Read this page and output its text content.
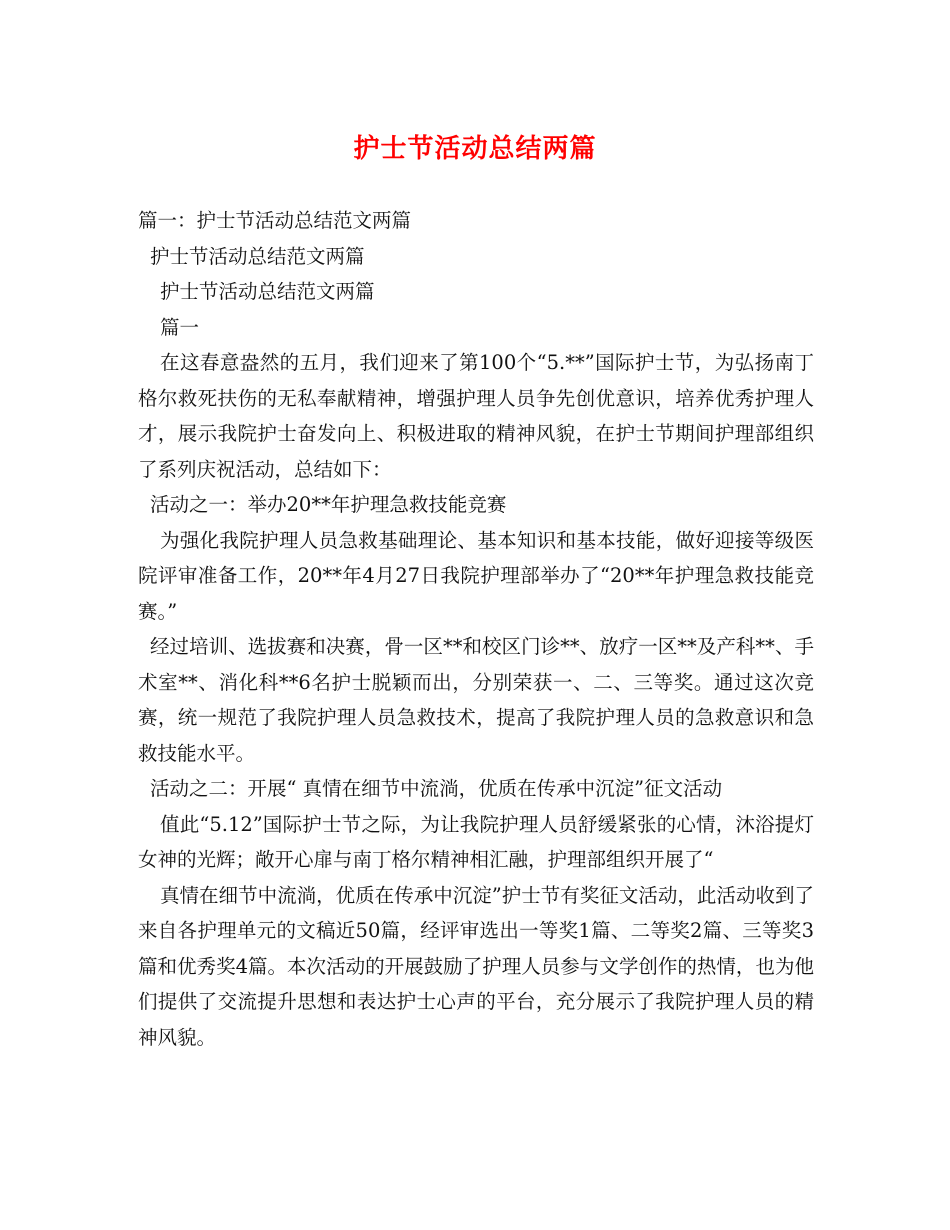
护士节活动总结两篇

篇一：护士节活动总结范文两篇

护士节活动总结范文两篇

护士节活动总结范文两篇

篇一

在这春意盎然的五月，我们迎来了第100个“5.**”国际护士节，为弘扬南丁格尔救死扶伤的无私奉献精神，增强护理人员争先创优意识，培养优秀护理人才，展示我院护士奋发向上、积极进取的精神风貌，在护士节期间护理部组织了系列庆祝活动，总结如下：

活动之一：举办20**年护理急救技能竞赛

为强化我院护理人员急救基础理论、基本知识和基本技能，做好迎接等级医院评审准备工作，20**年4月27日我院护理部举办了“20**年护理急救技能竞赛。”

经过培训、选拔赛和决赛，骨一区**和校区门诊**、放疗一区**及产科**、手术室**、消化科**6名护士脱颖而出，分别荣获一、二、三等奖。通过这次竞赛，统一规范了我院护理人员急救技术，提高了我院护理人员的急救意识和急救技能水平。

活动之二：开展“ 真情在细节中流淌，优质在传承中沉淀”征文活动

值此“5.12”国际护士节之际，为让我院护理人员舒缓紧张的心情，沐浴提灯女神的光辉；敞开心扉与南丁格尔精神相汇融，护理部组织开展了“

真情在细节中流淌，优质在传承中沉淀”护士节有奖征文活动，此活动收到了来自各护理单元的文稿近50篇，经评审选出一等奖1篇、二等奖2篇、三等奖3篇和优秀奖4篇。本次活动的开展鼓励了护理人员参与文学创作的热情，也为他们提供了交流提升思想和表达护士心声的平台，充分展示了我院护理人员的精神风貌。
